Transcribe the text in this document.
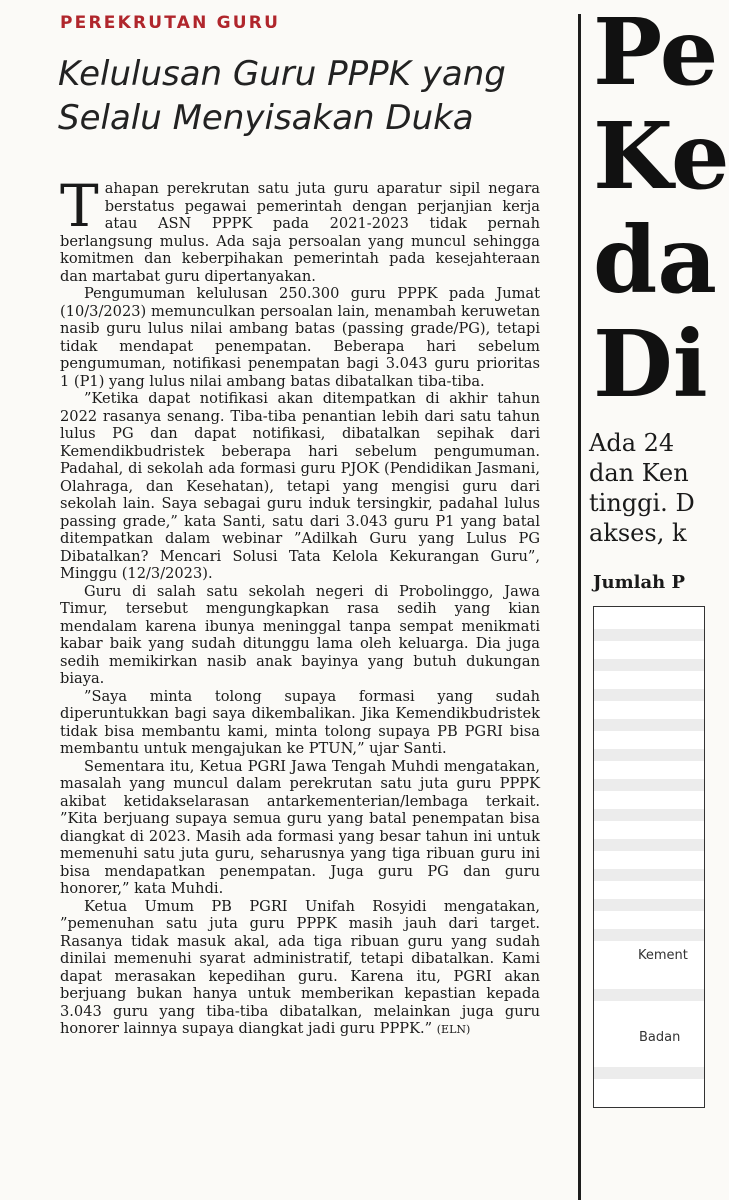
PEREKRUTAN GURU
Kelulusan Guru PPPK yang Selalu Menyisakan Duka

Tahapan perekrutan satu juta guru aparatur sipil negara berstatus pegawai pemerintah dengan perjanjian kerja atau ASN PPPK pada 2021-2023 tidak pernah berlangsung mulus. Ada saja persoalan yang muncul sehingga komitmen dan keberpihakan pemerintah pada kesejahteraan dan martabat guru dipertanyakan.

Pengumuman kelulusan 250.300 guru PPPK pada Jumat (10/3/2023) memunculkan persoalan lain, menambah keruwetan nasib guru lulus nilai ambang batas (passing grade/PG), tetapi tidak mendapat penempatan. Beberapa hari sebelum pengumuman, notifikasi penempatan bagi 3.043 guru prioritas 1 (P1) yang lulus nilai ambang batas dibatalkan tiba-tiba.

”Ketika dapat notifikasi akan ditempatkan di akhir tahun 2022 rasanya senang. Tiba-tiba penantian lebih dari satu tahun lulus PG dan dapat notifikasi, dibatalkan sepihak dari Kemendikbudristek beberapa hari sebelum pengumuman. Padahal, di sekolah ada formasi guru PJOK (Pendidikan Jasmani, Olahraga, dan Kesehatan), tetapi yang mengisi guru dari sekolah lain. Saya sebagai guru induk tersingkir, padahal lulus passing grade,” kata Santi, satu dari 3.043 guru P1 yang batal ditempatkan dalam webinar ”Adilkah Guru yang Lulus PG Dibatalkan? Mencari Solusi Tata Kelola Kekurangan Guru”, Minggu (12/3/2023).

Guru di salah satu sekolah negeri di Probolinggo, Jawa Timur, tersebut mengungkapkan rasa sedih yang kian mendalam karena ibunya meninggal tanpa sempat menikmati kabar baik yang sudah ditunggu lama oleh keluarga. Dia juga sedih memikirkan nasib anak bayinya yang butuh dukungan biaya.

”Saya minta tolong supaya formasi yang sudah diperuntukkan bagi saya dikembalikan. Jika Kemendikbudristek tidak bisa membantu kami, minta tolong supaya PB PGRI bisa membantu untuk mengajukan ke PTUN,” ujar Santi.

Sementara itu, Ketua PGRI Jawa Tengah Muhdi mengatakan, masalah yang muncul dalam perekrutan satu juta guru PPPK akibat ketidakselarasan antarkementerian/lembaga terkait. ”Kita berjuang supaya semua guru yang batal penempatan bisa diangkat di 2023. Masih ada formasi yang besar tahun ini untuk memenuhi satu juta guru, seharusnya yang tiga ribuan guru ini bisa mendapatkan penempatan. Juga guru PG dan guru honorer,” kata Muhdi.

Ketua Umum PB PGRI Unifah Rosyidi mengatakan, ”pemenuhan satu juta guru PPPK masih jauh dari target. Rasanya tidak masuk akal, ada tiga ribuan guru yang sudah dinilai memenuhi syarat administratif, tetapi dibatalkan. Kami dapat merasakan kepedihan guru. Karena itu, PGRI akan berjuang bukan hanya untuk memberikan kepastian kepada 3.043 guru yang tiba-tiba dibatalkan, melainkan juga guru honorer lainnya supaya diangkat jadi guru PPPK.” (ELN)

Pe
Ke
da
Di
Ada 24
dan Ken
tinggi. D
akses, k
Jumlah P
Kement
Badan
